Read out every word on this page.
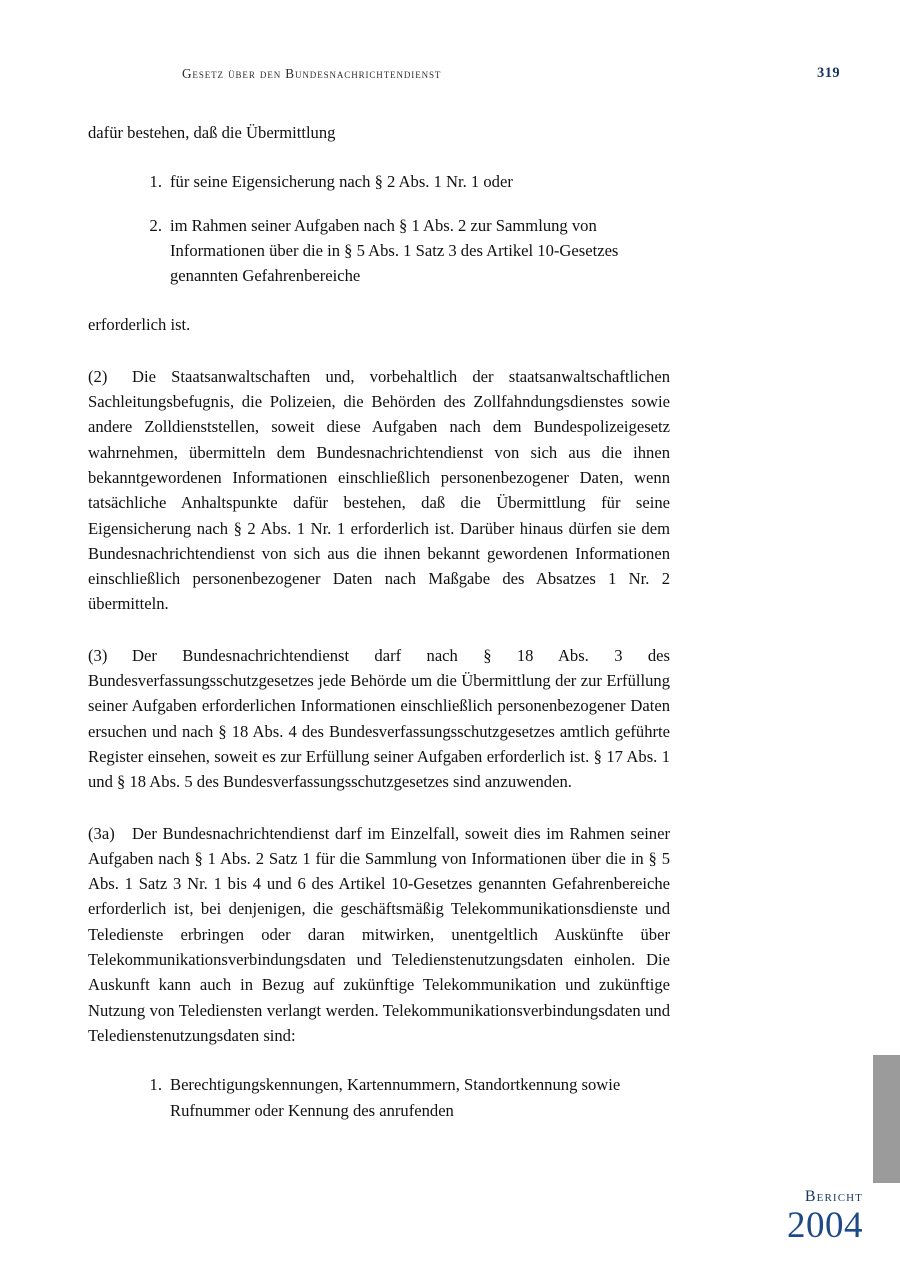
Gesetz über den Bundesnachrichtendienst	319

dafür bestehen, daß die Übermittlung

1. für seine Eigensicherung nach § 2 Abs. 1 Nr. 1 oder
2. im Rahmen seiner Aufgaben nach § 1 Abs. 2 zur Sammlung von Informationen über die in § 5 Abs. 1 Satz 3 des Artikel 10-Gesetzes genannten Gefahrenbereiche

erforderlich ist.

(2) Die Staatsanwaltschaften und, vorbehaltlich der staatsanwaltschaftlichen Sachleitungsbefugnis, die Polizeien, die Behörden des Zollfahndungsdienstes sowie andere Zolldienststellen, soweit diese Aufgaben nach dem Bundespolizeigesetz wahrnehmen, übermitteln dem Bundesnachrichtendienst von sich aus die ihnen bekanntgewordenen Informationen einschließlich personenbezogener Daten, wenn tatsächliche Anhaltspunkte dafür bestehen, daß die Übermittlung für seine Eigensicherung nach § 2 Abs. 1 Nr. 1 erforderlich ist. Darüber hinaus dürfen sie dem Bundesnachrichtendienst von sich aus die ihnen bekannt gewordenen Informationen einschließlich personenbezogener Daten nach Maßgabe des Absatzes 1 Nr. 2 übermitteln.

(3) Der Bundesnachrichtendienst darf nach § 18 Abs. 3 des Bundesverfassungsschutzgesetzes jede Behörde um die Übermittlung der zur Erfüllung seiner Aufgaben erforderlichen Informationen einschließlich personenbezogener Daten ersuchen und nach § 18 Abs. 4 des Bundesverfassungsschutzgesetzes amtlich geführte Register einsehen, soweit es zur Erfüllung seiner Aufgaben erforderlich ist. § 17 Abs. 1 und § 18 Abs. 5 des Bundesverfassungsschutzgesetzes sind anzuwenden.

(3a) Der Bundesnachrichtendienst darf im Einzelfall, soweit dies im Rahmen seiner Aufgaben nach § 1 Abs. 2 Satz 1 für die Sammlung von Informationen über die in § 5 Abs. 1 Satz 3 Nr. 1 bis 4 und 6 des Artikel 10-Gesetzes genannten Gefahrenbereiche erforderlich ist, bei denjenigen, die geschäftsmäßig Telekommunikationsdienste und Teledienste erbringen oder daran mitwirken, unentgeltlich Auskünfte über Telekommunikationsverbindungsdaten und Teledienstenutzungsdaten einholen. Die Auskunft kann auch in Bezug auf zukünftige Telekommunikation und zukünftige Nutzung von Telediensten verlangt werden. Telekommunikationsverbindungsdaten und Teledienstenutzungsdaten sind:

1. Berechtigungskennungen, Kartennummern, Standortkennung sowie Rufnummer oder Kennung des anrufenden
Bericht
2004
